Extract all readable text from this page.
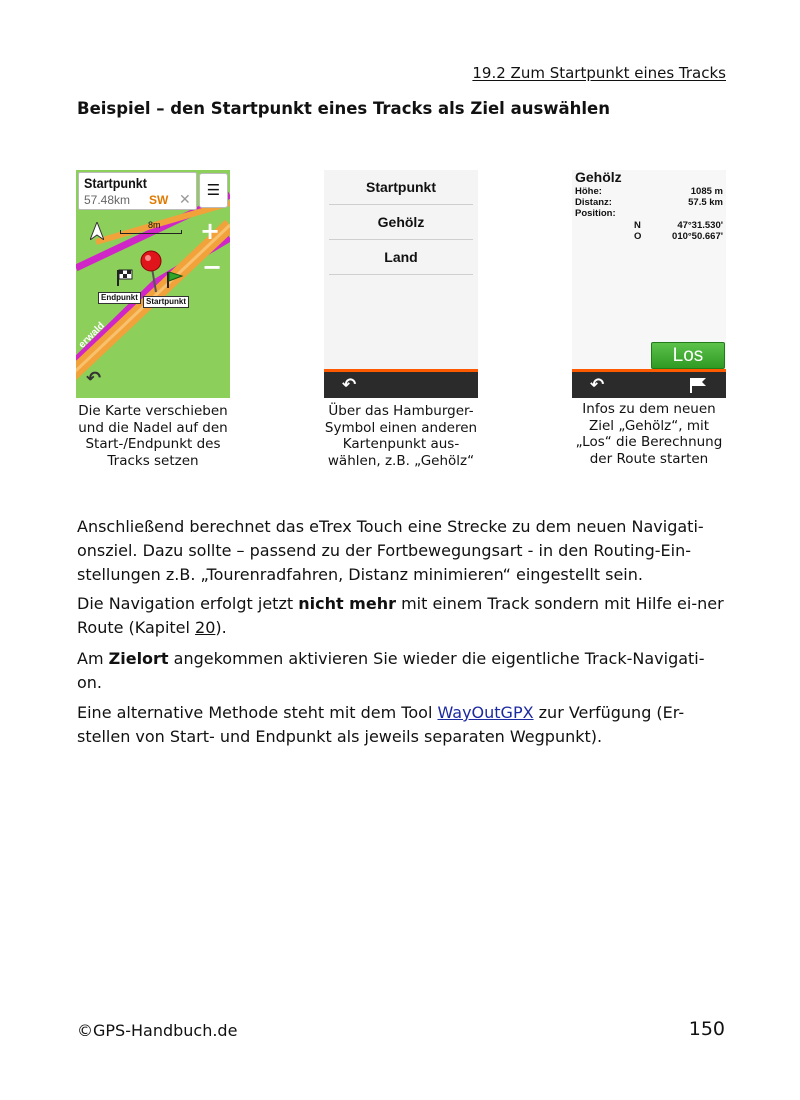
19.2 Zum Startpunkt eines Tracks
Beispiel – den Startpunkt eines Tracks als Ziel auswählen
Startpunkt
57.48km SW ✕
☰
8m +
−
Endpunkt	Startpunkt
erwald
↶
Startpunkt
Gehölz
Land
↶
Gehölz
Höhe:	1085 m
Distanz:	57.5 km
Position:
N	47°31.530'
O	010°50.667'
Los
↶
Die Karte verschieben
und die Nadel auf den
Start-/Endpunkt des
Tracks setzen
Über das Hamburger-
Symbol einen anderen
Kartenpunkt aus-
wählen, z.B. „Gehölz“
Infos zu dem neuen
Ziel „Gehölz“, mit
„Los“ die Berechnung
der Route starten
Anschließend berechnet das eTrex Touch eine Strecke zu dem neuen Navigati-onsziel. Dazu sollte – passend zu der Fortbewegungsart - in den Routing-Ein-stellungen z.B. „Tourenradfahren, Distanz minimieren“ eingestellt sein.
Die Navigation erfolgt jetzt nicht mehr mit einem Track sondern mit Hilfe ei-ner Route (Kapitel 20).
Am Zielort angekommen aktivieren Sie wieder die eigentliche Track-Navigati-on.
Eine alternative Methode steht mit dem Tool WayOutGPX zur Verfügung (Er-stellen von Start- und Endpunkt als jeweils separaten Wegpunkt).
©GPS-Handbuch.de	150
